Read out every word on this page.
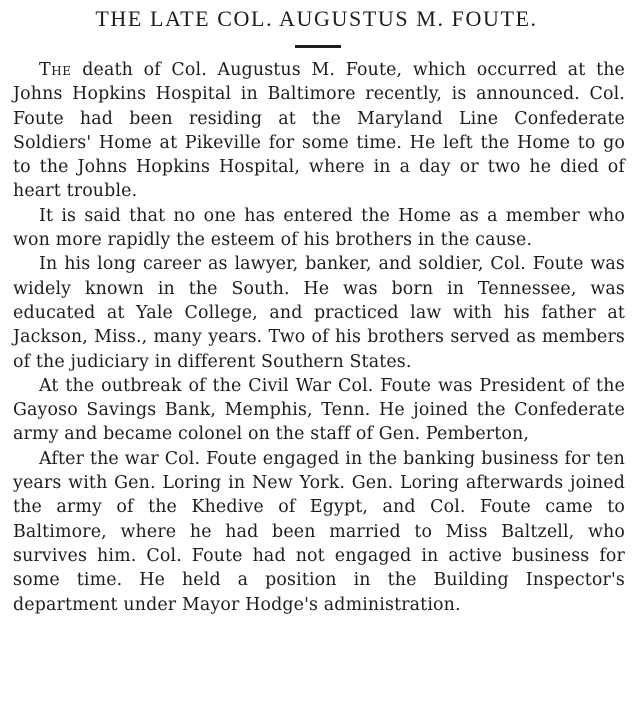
THE LATE COL. AUGUSTUS M. FOUTE.

The death of Col. Augustus M. Foute, which occurred at the Johns Hopkins Hospital in Baltimore recently, is announced. Col. Foute had been residing at the Maryland Line Confederate Soldiers' Home at Pikeville for some time. He left the Home to go to the Johns Hopkins Hospital, where in a day or two he died of heart trouble.

It is said that no one has entered the Home as a member who won more rapidly the esteem of his brothers in the cause.

In his long career as lawyer, banker, and soldier, Col. Foute was widely known in the South. He was born in Tennessee, was educated at Yale College, and practiced law with his father at Jackson, Miss., many years. Two of his brothers served as members of the judiciary in different Southern States.

At the outbreak of the Civil War Col. Foute was President of the Gayoso Savings Bank, Memphis, Tenn. He joined the Confederate army and became colonel on the staff of Gen. Pemberton,

After the war Col. Foute engaged in the banking business for ten years with Gen. Loring in New York. Gen. Loring afterwards joined the army of the Khedive of Egypt, and Col. Foute came to Baltimore, where he had been married to Miss Baltzell, who survives him. Col. Foute had not engaged in active business for some time. He held a position in the Building Inspector's department under Mayor Hodge's administration.
